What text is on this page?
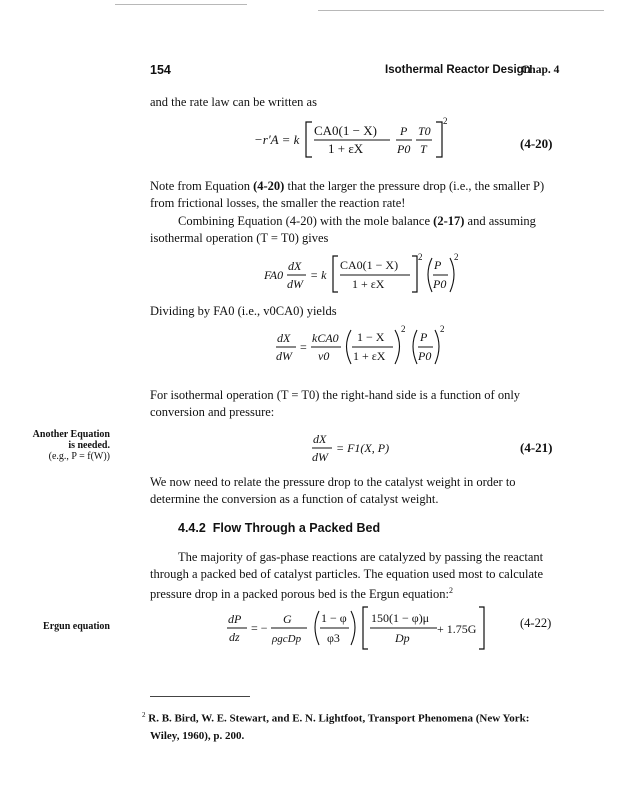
154	Isothermal Reactor Design
Chap. 4
and the rate law can be written as
−r′A = k
CA0(1 − X)
1 + εX
P
P0
T0
T
2
(4-20)
Note from Equation (4-20) that the larger the pressure drop (i.e., the smaller P)
from frictional losses, the smaller the reaction rate!
Combining Equation (4-20) with the mole balance (2-17) and assuming
isothermal operation (T = T0) gives
FA0
dX
dW
= k
CA0(1 − X)
1 + εX
2
P
P0
2
Dividing by FA0 (i.e., v0CA0) yields
dX
dW
=
kCA0
v0
1 − X
1 + εX
2
P
P0
2
For isothermal operation (T = T0) the right-hand side is a function of only
conversion and pressure:
Another Equation
is needed.
(e.g., P = f(W))
dX
dW
= F1(X, P)	(4-21)
We now need to relate the pressure drop to the catalyst weight in order to
determine the conversion as a function of catalyst weight.
4.4.2 Flow Through a Packed Bed
The majority of gas-phase reactions are catalyzed by passing the reactant
through a packed bed of catalyst particles. The equation used most to calculate
pressure drop in a packed porous bed is the Ergun equation:$^2$
Ergun equation
dP
dz
= −
G
ρgcDp
1 − φ
φ3
150(1 − φ)μ
Dp
+ 1.75G	(4-22)
$^2$ R. B. Bird, W. E. Stewart, and E. N. Lightfoot, Transport Phenomena (New York:
Wiley, 1960), p. 200.
